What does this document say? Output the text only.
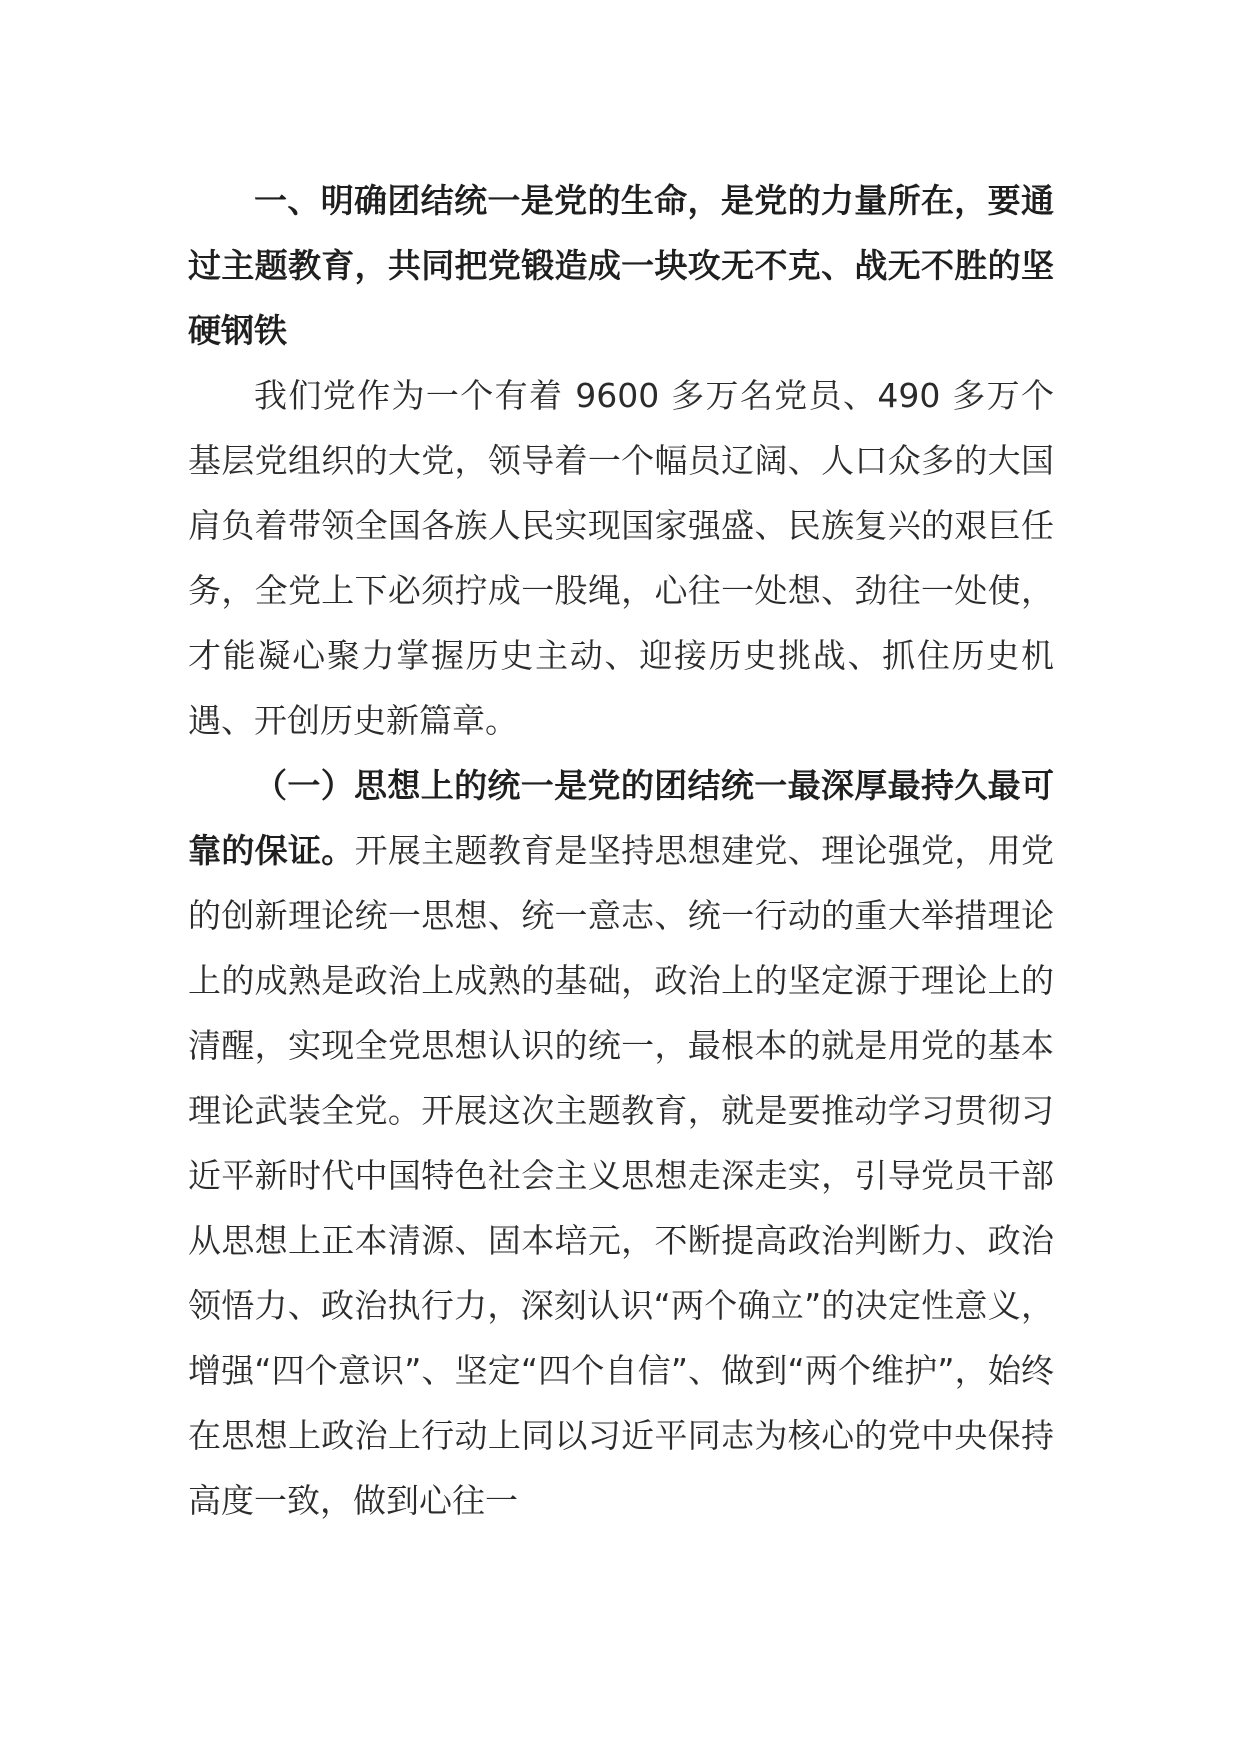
一、明确团结统一是党的生命，是党的力量所在，要通过主题教育，共同把党锻造成一块攻无不克、战无不胜的坚硬钢铁

我们党作为一个有着 9600 多万名党员、490 多万个基层党组织的大党，领导着一个幅员辽阔、人口众多的大国肩负着带领全国各族人民实现国家强盛、民族复兴的艰巨任务，全党上下必须拧成一股绳，心往一处想、劲往一处使，才能凝心聚力掌握历史主动、迎接历史挑战、抓住历史机遇、开创历史新篇章。

（一）思想上的统一是党的团结统一最深厚最持久最可靠的保证。开展主题教育是坚持思想建党、理论强党，用党的创新理论统一思想、统一意志、统一行动的重大举措理论上的成熟是政治上成熟的基础，政治上的坚定源于理论上的清醒，实现全党思想认识的统一，最根本的就是用党的基本理论武装全党。开展这次主题教育，就是要推动学习贯彻习近平新时代中国特色社会主义思想走深走实，引导党员干部从思想上正本清源、固本培元，不断提高政治判断力、政治领悟力、政治执行力，深刻认识“两个确立”的决定性意义，增强“四个意识”、坚定“四个自信”、做到“两个维护”，始终在思想上政治上行动上同以习近平同志为核心的党中央保持高度一致，做到心往一
